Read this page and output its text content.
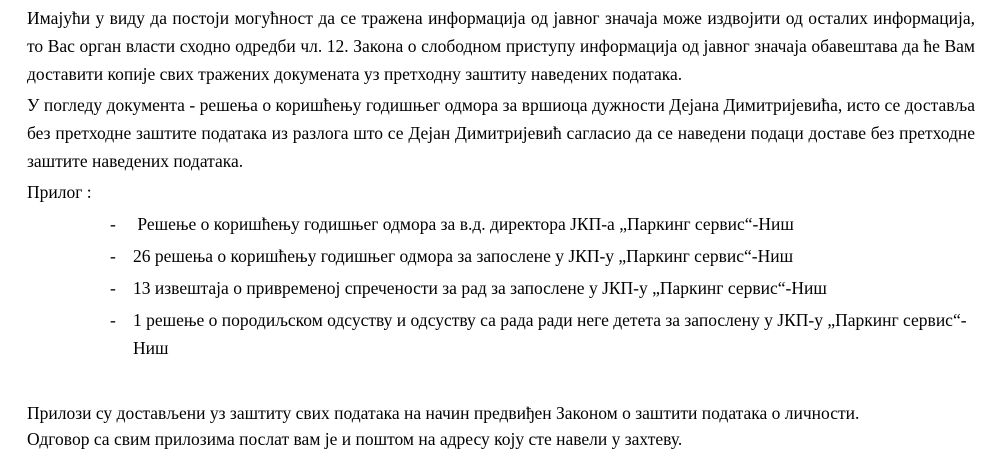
Имајући у виду да постоји могућност да се тражена информација од јавног значаја може издвојити од осталих информација, то Вас орган власти сходно одредби чл. 12. Закона о слободном приступу информација од јавног значаја обавештава да ће Вам доставити копије свих тражених докумената уз претходну заштиту наведених података.

У погледу документа - решења о коришћењу годишњег одмора за вршиоца дужности Дејана Димитријевића, исто се доставља без претходне заштите података из разлога што се Дејан Димитријевић сагласио да се наведени подаци доставе без претходне заштите наведених података.

Прилог :

- Решење о коришћењу годишњег одмора за в.д. директора ЈКП-а „Паркинг сервис“-Ниш
- 26 решења о коришћењу годишњег одмора за запослене у ЈКП-у „Паркинг сервис“-Ниш
- 13 извештаја о привременој спречености за рад за запослене у ЈКП-у „Паркинг сервис“-Ниш
- 1 решење о породиљском одсуству и одсуству са рада ради неге детета за запослену у ЈКП-у „Паркинг сервис“-Ниш

Прилози су достављени уз заштиту свих података на начин предвиђен Законом о заштити података о личности.

Одговор са свим прилозима послат вам је и поштом на адресу коју сте навели у захтеву.
